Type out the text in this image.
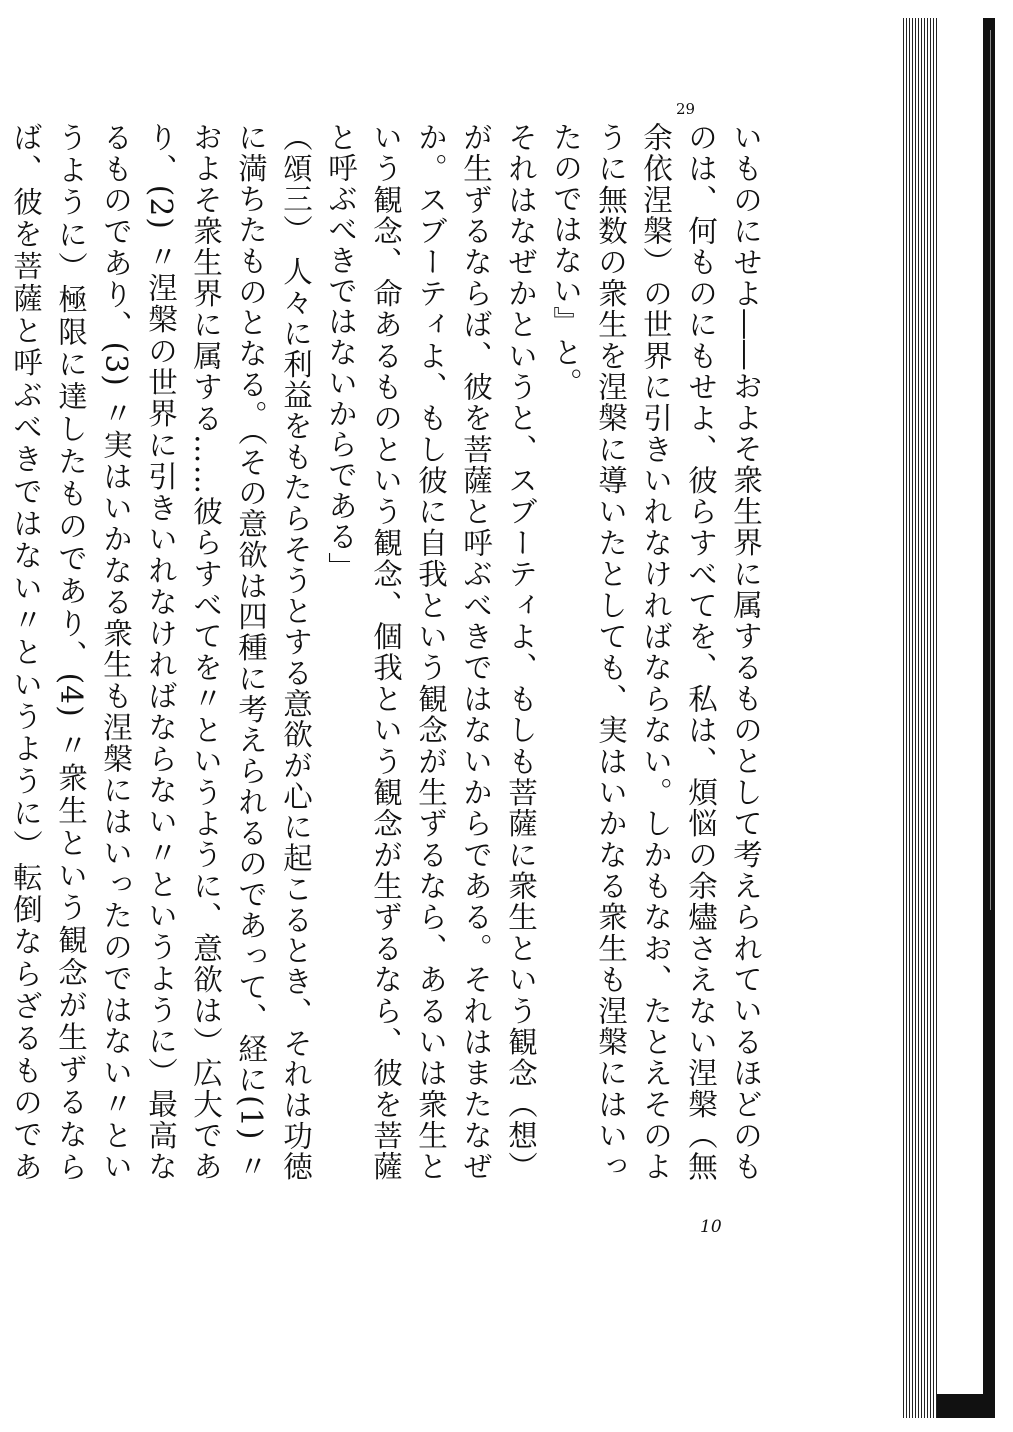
29

いものにせよ――およそ衆生界に属するものとして考えられているほどのものは、何ものにもせよ、彼らすべてを、私は、煩悩の余燼さえない涅槃（無余依涅槃）の世界に引きいれなければならない。しかもなお、たとえそのように無数の衆生を涅槃に導いたとしても、実はいかなる衆生も涅槃にはいったのではない』と。

それはなぜかというと、スブーティよ、もしも菩薩に衆生という観念（想）が生ずるならば、彼を菩薩と呼ぶべきではないからである。それはまたなぜか。スブーティよ、もし彼に自我という観念が生ずるなら、あるいは衆生という観念、命あるものという観念、個我という観念が生ずるなら、彼を菩薩と呼ぶべきではないからである」

（頌三） 人々に利益をもたらそうとする意欲が心に起こるとき、それは功徳に満ちたものとなる。（その意欲は四種に考えられるのであって、経に(1) 〃およそ衆生界に属する……彼らすべてを〃というように、意欲は）広大であり、(2) 〃涅槃の世界に引きいれなければならない〃というように）最高なるものであり、(3) 〃実はいかなる衆生も涅槃にはいったのではない〃というように）極限に達したものであり、(4) 〃衆生という観念が生ずるならば、彼を菩薩と呼ぶべきではない〃というように）転倒ならざるものであ

10
